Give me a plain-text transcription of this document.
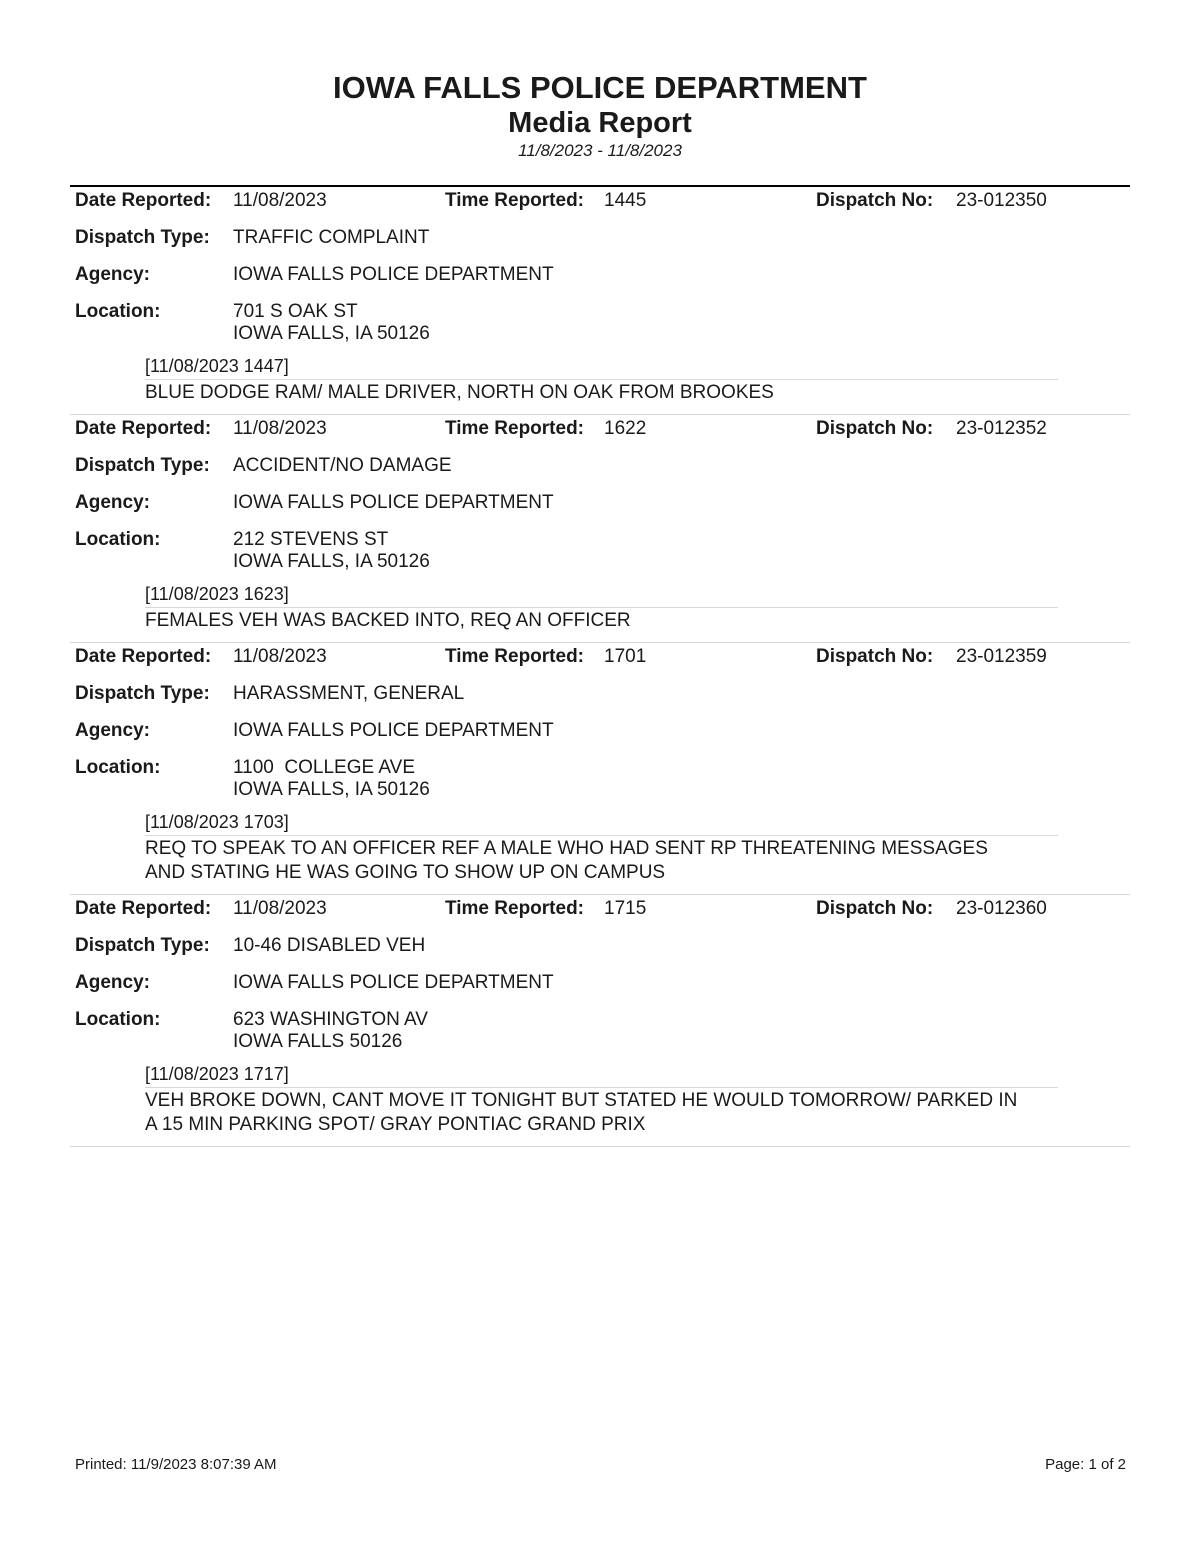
IOWA FALLS POLICE DEPARTMENT
Media Report
11/8/2023 - 11/8/2023
Date Reported: 11/08/2023	Time Reported: 1445	Dispatch No: 23-012350
Dispatch Type: TRAFFIC COMPLAINT
Agency:	IOWA FALLS POLICE DEPARTMENT
Location:	701 S OAK ST
IOWA FALLS, IA 50126
[11/08/2023 1447]
BLUE DODGE RAM/ MALE DRIVER, NORTH ON OAK FROM BROOKES
Date Reported: 11/08/2023	Time Reported: 1622	Dispatch No: 23-012352
Dispatch Type: ACCIDENT/NO DAMAGE
Agency:	IOWA FALLS POLICE DEPARTMENT
Location:	212 STEVENS ST
IOWA FALLS, IA 50126
[11/08/2023 1623]
FEMALES VEH WAS BACKED INTO, REQ AN OFFICER
Date Reported: 11/08/2023	Time Reported: 1701	Dispatch No: 23-012359
Dispatch Type: HARASSMENT, GENERAL
Agency:	IOWA FALLS POLICE DEPARTMENT
Location:	1100  COLLEGE AVE
IOWA FALLS, IA 50126
[11/08/2023 1703]
REQ TO SPEAK TO AN OFFICER REF A MALE WHO HAD SENT RP THREATENING MESSAGES
AND STATING HE WAS GOING TO SHOW UP ON CAMPUS
Date Reported: 11/08/2023	Time Reported: 1715	Dispatch No: 23-012360
Dispatch Type: 10-46 DISABLED VEH
Agency:	IOWA FALLS POLICE DEPARTMENT
Location:	623 WASHINGTON AV
IOWA FALLS 50126
[11/08/2023 1717]
VEH BROKE DOWN, CANT MOVE IT TONIGHT BUT STATED HE WOULD TOMORROW/ PARKED IN
A 15 MIN PARKING SPOT/ GRAY PONTIAC GRAND PRIX
Printed: 11/9/2023 8:07:39 AM	Page: 1 of 2
